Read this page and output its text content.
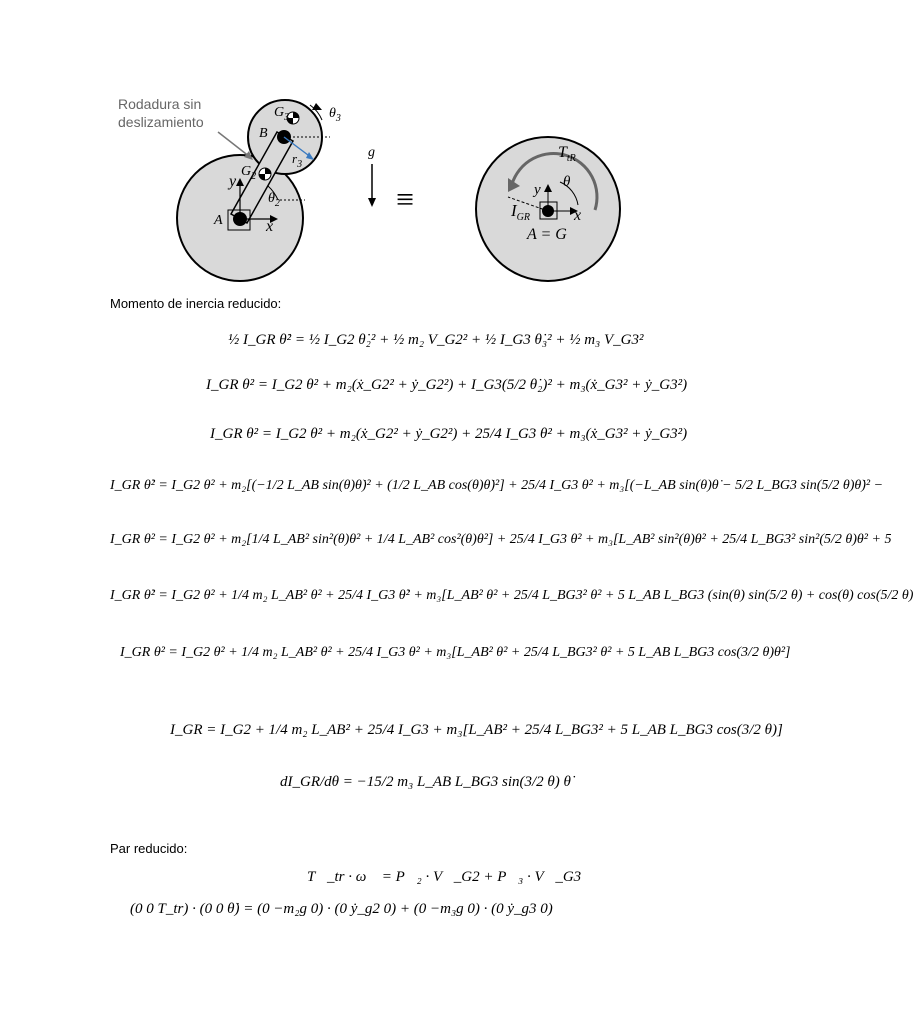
Rodadura sin
deslizamiento
$G_3$	$\theta_3$
B
$r_3$
y
$G_2$
$\theta_2$
A	x
g⃗
≡
$T_{tR}$
θ
y
$I_{GR}$	x
A = G
Momento de inercia reducido:
½ I_GR θ̇² = ½ I_G2 θ̇₂² + ½ m₂ V_G2² + ½ I_G3 θ̇₃² + ½ m₃ V_G3²
I_GR θ² = I_G2 θ² + m₂(ẋ_G2² + ẏ_G2²) + I_G3(5/2 θ̇₂)² + m₃(ẋ_G3² + ẏ_G3²)
I_GR θ² = I_G2 θ² + m₂(ẋ_G2² + ẏ_G2²) + 25/4 I_G3 θ² + m₃(ẋ_G3² + ẏ_G3²)
I_GR θ̇² = I_G2 θ² + m₂[(−1/2 L_AB sin(θ)θ̇)² + (1/2 L_AB cos(θ)θ̇)²] + 25/4 I_G3 θ² + m₃[(−L_AB sin(θ)θ̇ − 5/2 L_BG3 sin(5/2 θ)θ̇)² −
I_GR θ² = I_G2 θ² + m₂[1/4 L_AB² sin²(θ)θ² + 1/4 L_AB² cos²(θ)θ²] + 25/4 I_G3 θ² + m₃[L_AB² sin²(θ)θ² + 25/4 L_BG3² sin²(5/2 θ)θ² + 5
I_GR θ̇² = I_G2 θ² + 1/4 m₂ L_AB² θ² + 25/4 I_G3 θ̇² + m₃[L_AB² θ² + 25/4 L_BG3² θ² + 5 L_AB L_BG3 (sin(θ) sin(5/2 θ) + cos(θ) cos(5/2 θ)
I_GR θ² = I_G2 θ² + 1/4 m₂ L_AB² θ² + 25/4 I_G3 θ² + m₃[L_AB² θ² + 25/4 L_BG3² θ² + 5 L_AB L_BG3 cos(3/2 θ)θ²]
I_GR = I_G2 + 1/4 m₂ L_AB² + 25/4 I_G3 + m₃[L_AB² + 25/4 L_BG3² + 5 L_AB L_BG3 cos(3/2 θ)]
dI_GR/dθ = −15/2 m₃ L_AB L_BG3 sin(3/2 θ) θ̇
Par reducido:
T⃗_tr · ω⃗ = P⃗₂ · V⃗_G2 + P⃗₃ · V⃗_G3
(0 0 T_tr) · (0 0 θ̇) = (0 −m₂g 0) · (0 ẏ_g2 0) + (0 −m₃g 0) · (0 ẏ_g3 0)
